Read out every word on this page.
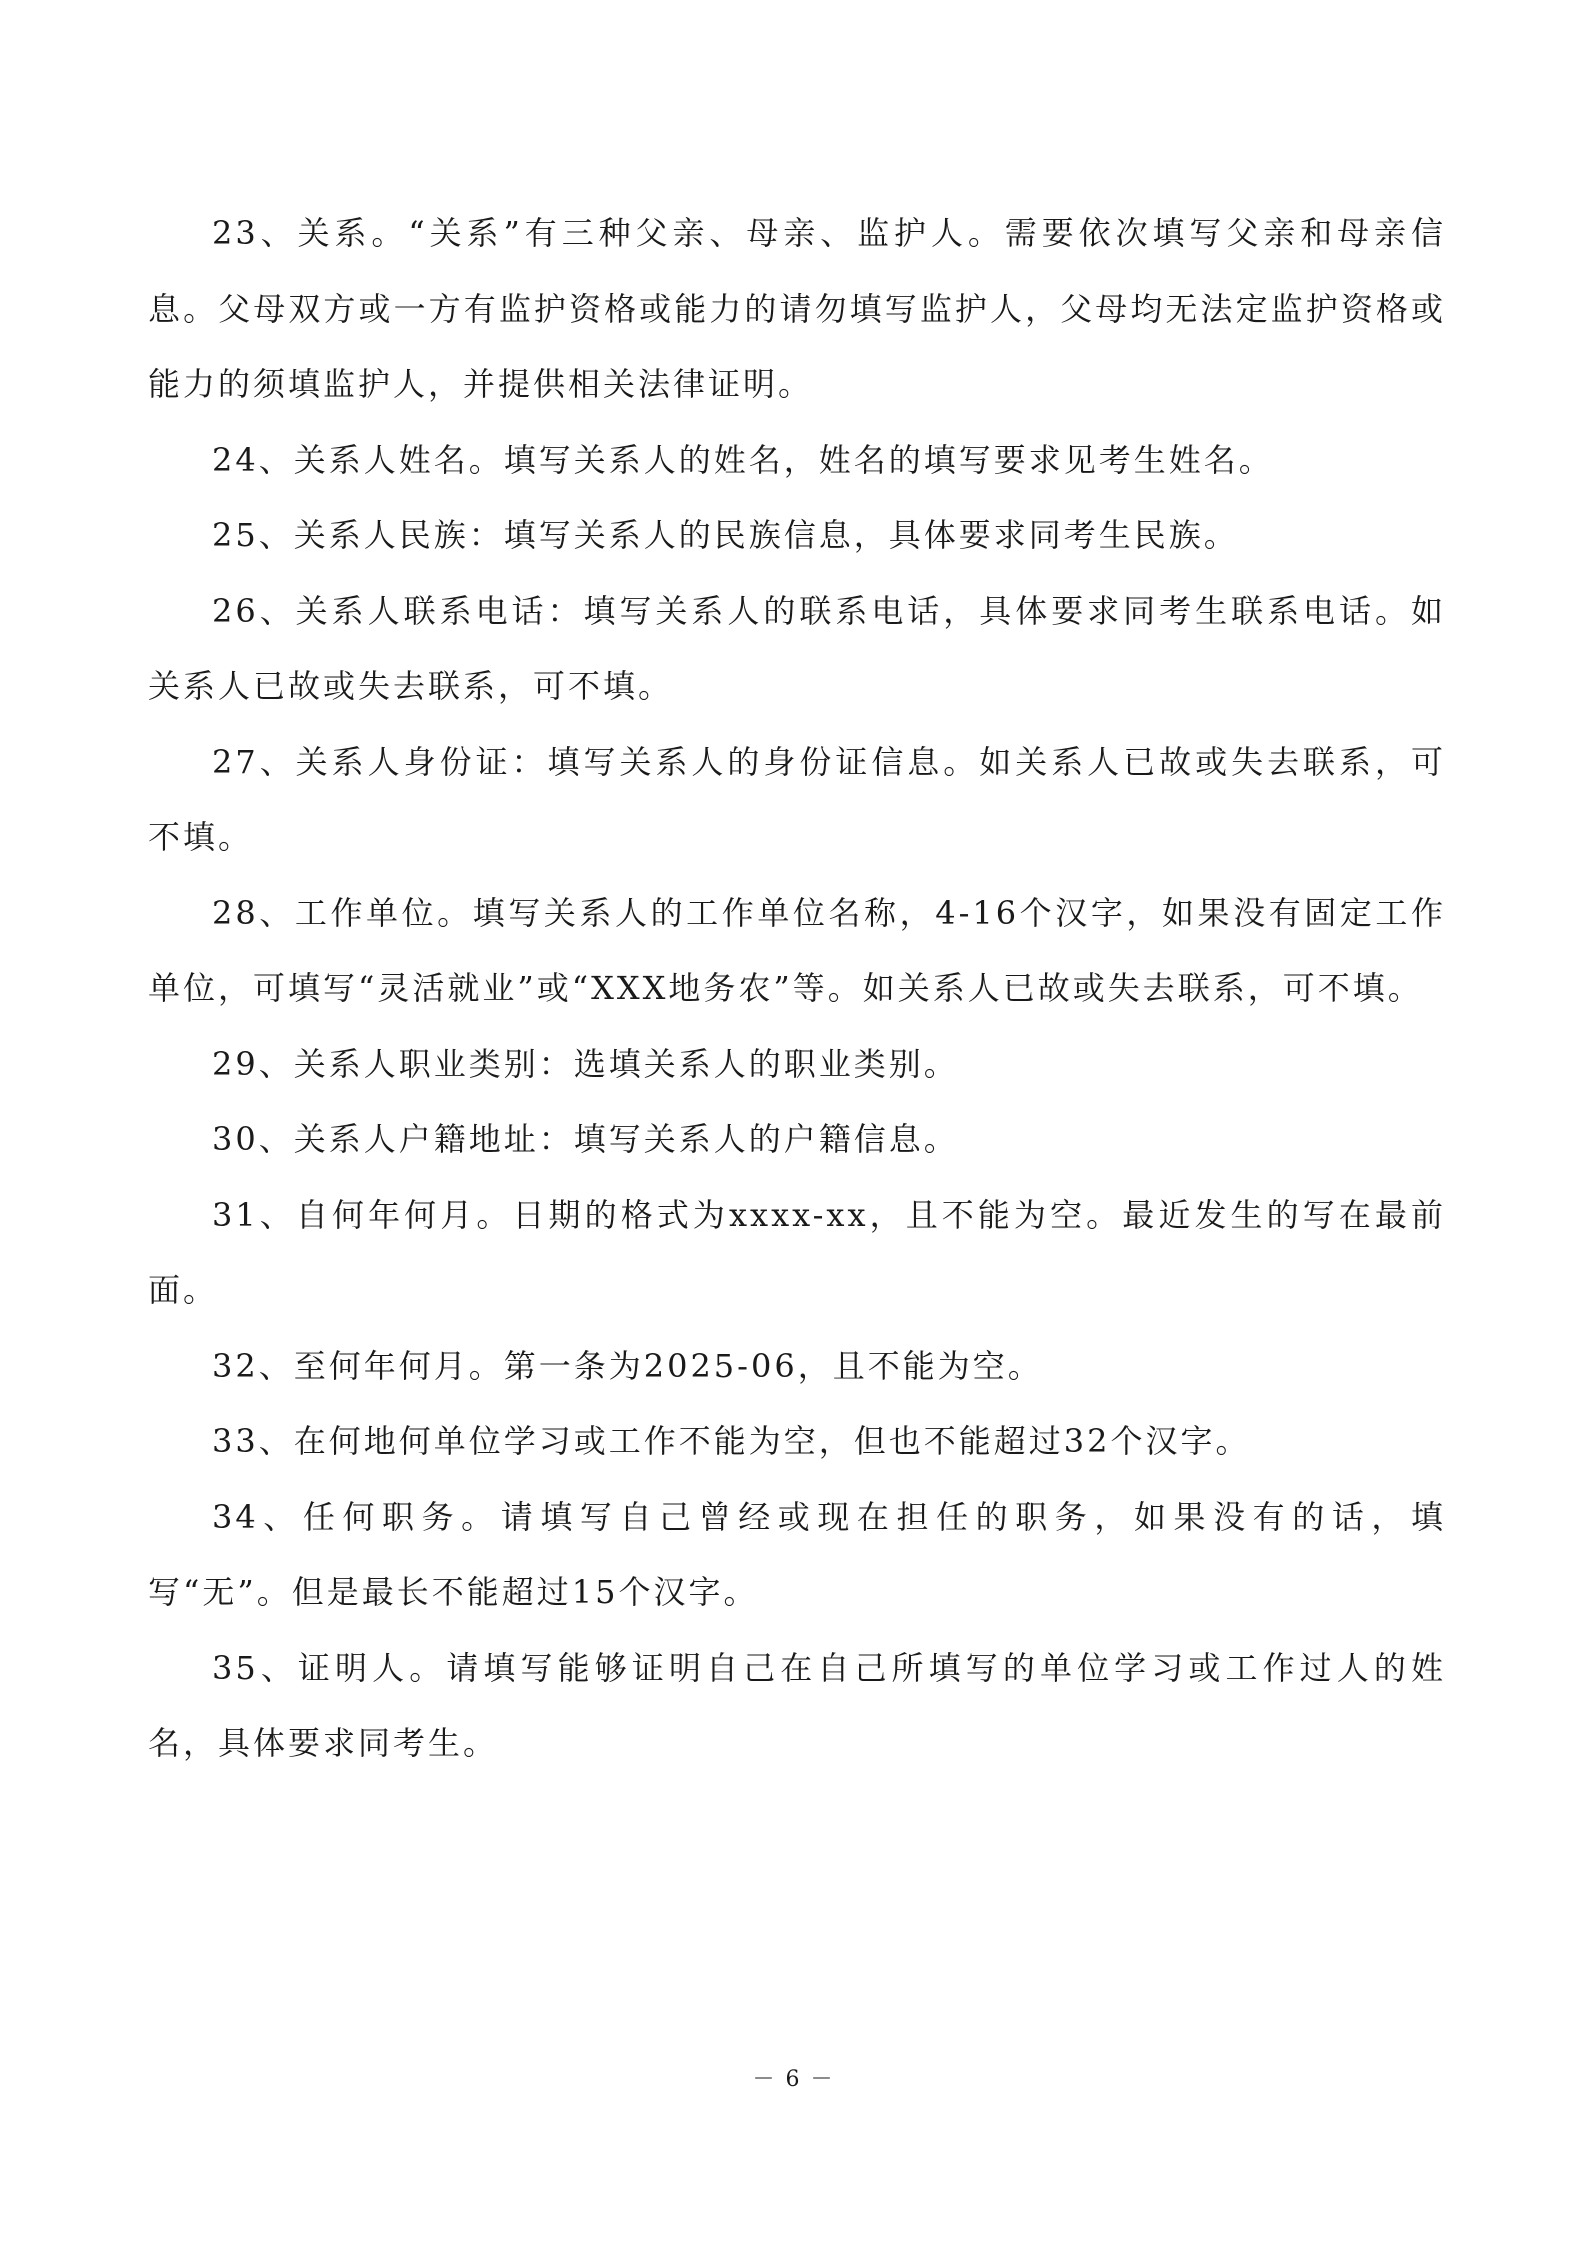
23、关系。“关系”有三种父亲、母亲、监护人。需要依次填写父亲和母亲信息。父母双方或一方有监护资格或能力的请勿填写监护人，父母均无法定监护资格或能力的须填监护人，并提供相关法律证明。

24、关系人姓名。填写关系人的姓名，姓名的填写要求见考生姓名。

25、关系人民族：填写关系人的民族信息，具体要求同考生民族。

26、关系人联系电话：填写关系人的联系电话，具体要求同考生联系电话。如关系人已故或失去联系，可不填。

27、关系人身份证：填写关系人的身份证信息。如关系人已故或失去联系，可不填。

28、工作单位。填写关系人的工作单位名称，4-16个汉字，如果没有固定工作单位，可填写“灵活就业”或“XXX地务农”等。如关系人已故或失去联系，可不填。

29、关系人职业类别：选填关系人的职业类别。

30、关系人户籍地址：填写关系人的户籍信息。

31、自何年何月。日期的格式为xxxx-xx，且不能为空。最近发生的写在最前面。

32、至何年何月。第一条为2025-06，且不能为空。

33、在何地何单位学习或工作不能为空，但也不能超过32个汉字。

34、任何职务。请填写自己曾经或现在担任的职务，如果没有的话，填写“无”。但是最长不能超过15个汉字。

35、证明人。请填写能够证明自己在自己所填写的单位学习或工作过人的姓名，具体要求同考生。

－ 6 －
